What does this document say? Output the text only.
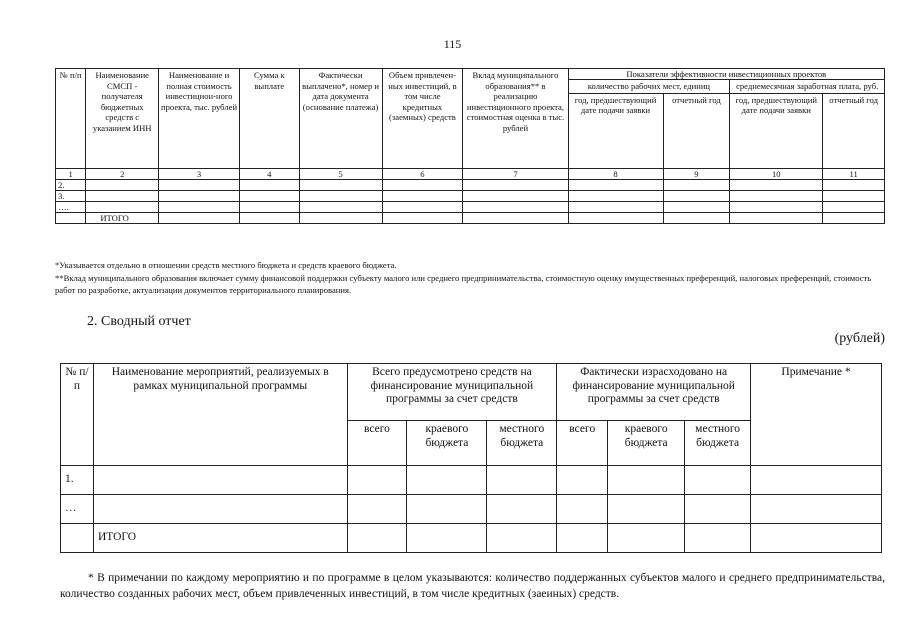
115
№ п/п	Наименование СМСП - получателя бюджетных средств с указанием ИНН	Наименование и полная стоимость инвестицион-ного проекта, тыс. рублей	Сумма к выплате	Фактически выплачено*, номер и дата документа (основание платежа)	Объем привлечен-ных инвестиций, в том числе кредитных (заемных) средств	Вклад муниципального образования** в реализацию инвестиционного проекта, стоимостная оценка в тыс. рублей	Показатели эффективности инвестиционных проектов			
							количество рабочих мест, единиц		среднемесячная заработная плата, руб.	
							год, предшествующий дате подачи заявки	отчетный год	год, предшествующий дате подачи заявки	отчетный год
1	2	3	4	5	6	7	8	9	10	11
2.										
3.										
….										
	ИТОГО									
*Указывается отдельно в отношении средств местного бюджета и средств краевого бюджета.
**Вклад муниципального образования включает сумму финансовой поддержки субъекту малого или среднего предпринимательства, стоимостную оценку имущественных преференций, налоговых преференций, стоимость работ по разработке, актуализации документов территориального планирования.
2. Сводный отчет
(рублей)
№ п/п	Наименование мероприятий, реализуемых в рамках муниципальной программы	Всего предусмотрено средств на финансирование муниципальной программы за счет средств			Фактически израсходовано на финансирование муниципальной программы за счет средств			Примечание *
		всего	краевого бюджета	местного бюджета	всего	краевого бюджета	местного бюджета	
1.								
…								
	ИТОГО							
* В примечании по каждому мероприятию и по программе в целом указываются: количество поддержанных субъектов малого и среднего предпринимательства, количество созданных рабочих мест, объем привлеченных инвестиций, в том числе кредитных (заеиных) средств.
